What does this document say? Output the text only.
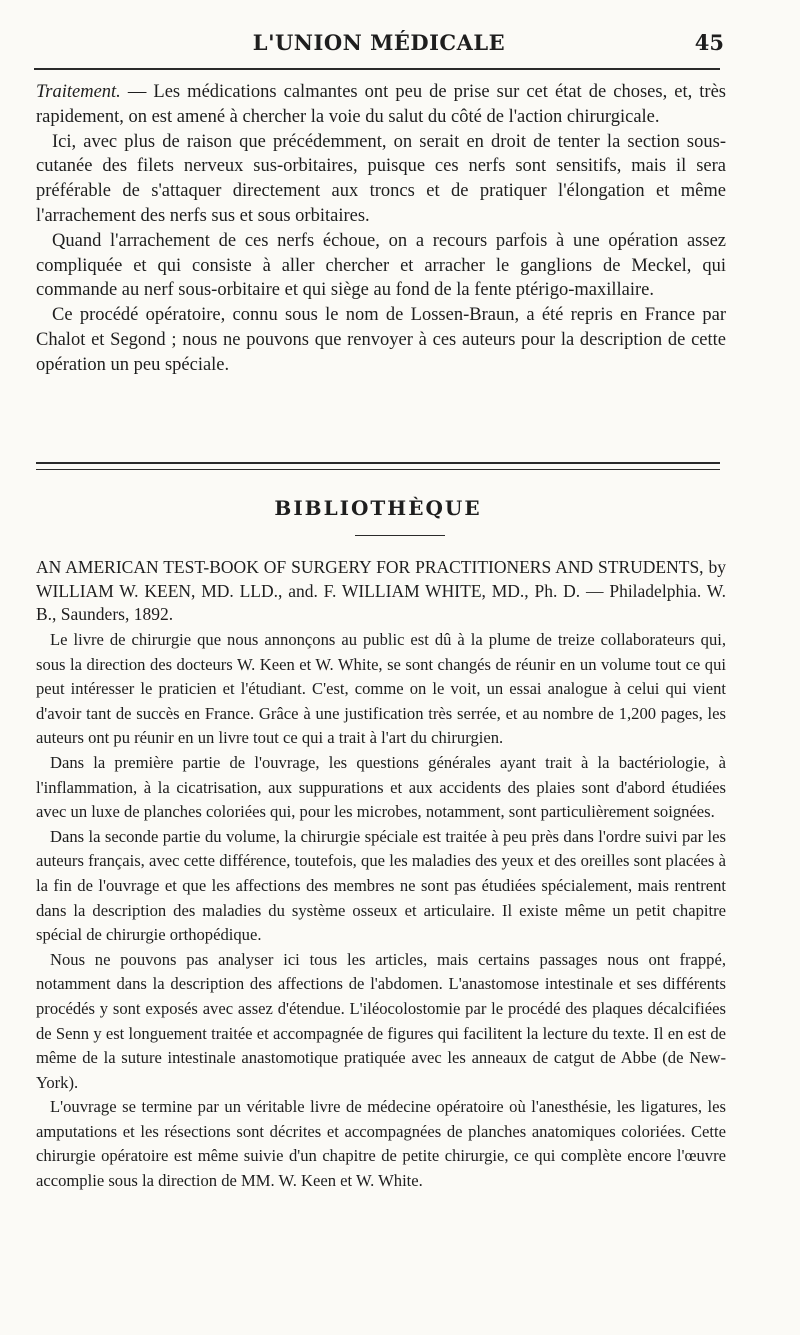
L'UNION MÉDICALE	45

Traitement. — Les médications calmantes ont peu de prise sur cet état de choses, et, très rapidement, on est amené à chercher la voie du salut du côté de l'action chirurgicale.

Ici, avec plus de raison que précédemment, on serait en droit de tenter la section sous-cutanée des filets nerveux sus-orbitaires, puisque ces nerfs sont sensitifs, mais il sera préférable de s'attaquer directement aux troncs et de pratiquer l'élongation et même l'arrachement des nerfs sus et sous orbitaires.

Quand l'arrachement de ces nerfs échoue, on a recours parfois à une opération assez compliquée et qui consiste à aller chercher et arracher le ganglions de Meckel, qui commande au nerf sous-orbitaire et qui siège au fond de la fente ptérigo-maxillaire.

Ce procédé opératoire, connu sous le nom de Lossen-Braun, a été repris en France par Chalot et Segond ; nous ne pouvons que renvoyer à ces auteurs pour la description de cette opération un peu spéciale.

BIBLIOTHÈQUE
AN AMERICAN TEST-BOOK OF SURGERY FOR PRACTITIONERS AND STRUDENTS, by WILLIAM W. KEEN, MD. LLD., and. F. WILLIAM WHITE, MD., Ph. D. — Philadelphia. W. B., Saunders, 1892.

Le livre de chirurgie que nous annonçons au public est dû à la plume de treize collaborateurs qui, sous la direction des docteurs W. Keen et W. White, se sont changés de réunir en un volume tout ce qui peut intéresser le praticien et l'étudiant. C'est, comme on le voit, un essai analogue à celui qui vient d'avoir tant de succès en France. Grâce à une justification très serrée, et au nombre de 1,200 pages, les auteurs ont pu réunir en un livre tout ce qui a trait à l'art du chirurgien.

Dans la première partie de l'ouvrage, les questions générales ayant trait à la bactériologie, à l'inflammation, à la cicatrisation, aux suppurations et aux accidents des plaies sont d'abord étudiées avec un luxe de planches coloriées qui, pour les microbes, notamment, sont particulièrement soignées.

Dans la seconde partie du volume, la chirurgie spéciale est traitée à peu près dans l'ordre suivi par les auteurs français, avec cette différence, toutefois, que les maladies des yeux et des oreilles sont placées à la fin de l'ouvrage et que les affections des membres ne sont pas étudiées spécialement, mais rentrent dans la description des maladies du système osseux et articulaire. Il existe même un petit chapitre spécial de chirurgie orthopédique.

Nous ne pouvons pas analyser ici tous les articles, mais certains passages nous ont frappé, notamment dans la description des affections de l'abdomen. L'anastomose intestinale et ses différents procédés y sont exposés avec assez d'étendue. L'iléocolostomie par le procédé des plaques décalcifiées de Senn y est longuement traitée et accompagnée de figures qui facilitent la lecture du texte. Il en est de même de la suture intestinale anastomotique pratiquée avec les anneaux de catgut de Abbe (de New-York).

L'ouvrage se termine par un véritable livre de médecine opératoire où l'anesthésie, les ligatures, les amputations et les résections sont décrites et accompagnées de planches anatomiques coloriées. Cette chirurgie opératoire est même suivie d'un chapitre de petite chirurgie, ce qui complète encore l'œuvre accomplie sous la direction de MM. W. Keen et W. White.
